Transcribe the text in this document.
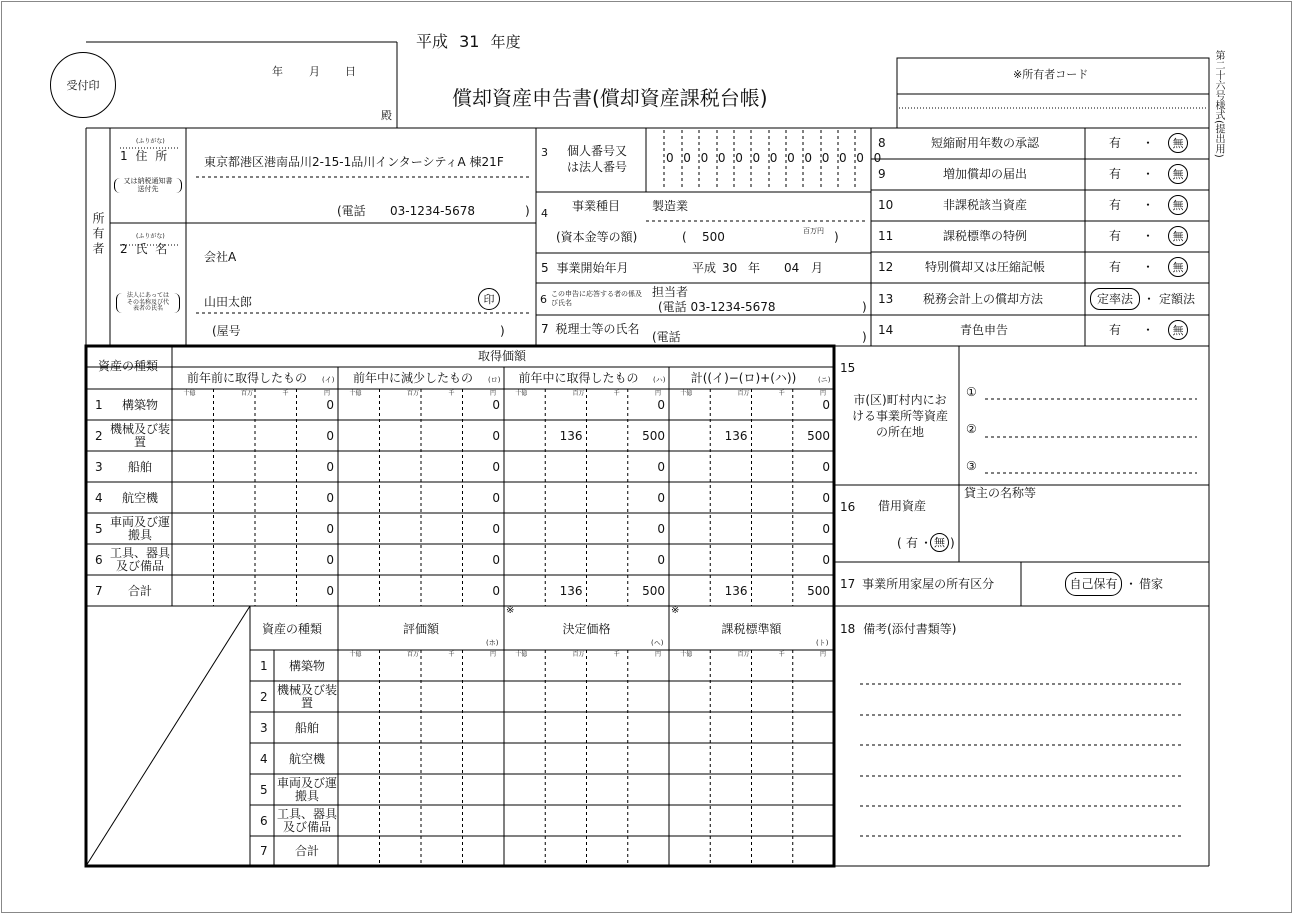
平成 31 年度
償却資産申告書(償却資産課税台帳)
受付印
年 月 日
殿
※所有者コード	第二十六号様式(提出用)
所有者
(ふりがな)
1 住 所
又は納税通知書送付先
東京都港区港南品川2-15-1品川インターシティA 棟21F
(電話 03-1234-5678	)
(ふりがな)
2 氏 名
法人にあってはその名称及び代表者の氏名
会社A
山田太郎	印
(屋号	)
3	個人番号又は法人番号
0 0 0 0 0 0 0 0 0 0 0 0 0
4
事業種目	製造業
(資本金等の額)	( 500	百万円 )
5 事業開始年月	平成 30 年 04 月
6 この申告に応答する者の係及び氏名
担当者
(電話 03-1234-5678	)
7 税理士等の氏名
(電話	)
8	短縮耐用年数の承認	有 ・	無
9	増加償却の届出	有 ・	無
10	非課税該当資産	有 ・	無
11	課税標準の特例	有 ・	無
12	特別償却又は圧縮記帳	有 ・	無
13 税務会計上の償却方法	定率法 ・ 定額法
14	青色申告	有 ・ 無
資産の種類
取得価額
前年前に取得したもの	(イ)
十億	百万	千	円
前年中に減少したもの	(ロ)
十億	百万	千	円
前年中に取得したもの	(ハ)
十億	百万	千	円
計((イ)−(ロ)+(ハ))	(ニ)
十億	百万	千	円
1	構築物	0	0	0	0
2 機械及び装置	0	0	136	500	136	500
3	船舶	0	0	0	0
4	航空機	0	0	0	0
5 車両及び運搬具	0	0	0	0
6 工具、器具及び備品	0	0	0	0
7	合計	0	0	136	500	136	500
資産の種類	評価額
(ホ)
十億	百万	千	円
決定価格
(ヘ)
※
十億	百万	千	円
課税標準額
(ト)
※
十億	百万	千	円
1	構築物
2 機械及び装置
3	船舶
4	航空機
5 車両及び運搬具
6 工具、器具及び備品
7	合計
15
市(区)町村内における事業所等資産の所在地
①
②
③
16 借用資産
( 有 ・ 無 )
貸主の名称等
17 事業所用家屋の所有区分	自己保有 ・ 借家
18 備考(添付書類等)
